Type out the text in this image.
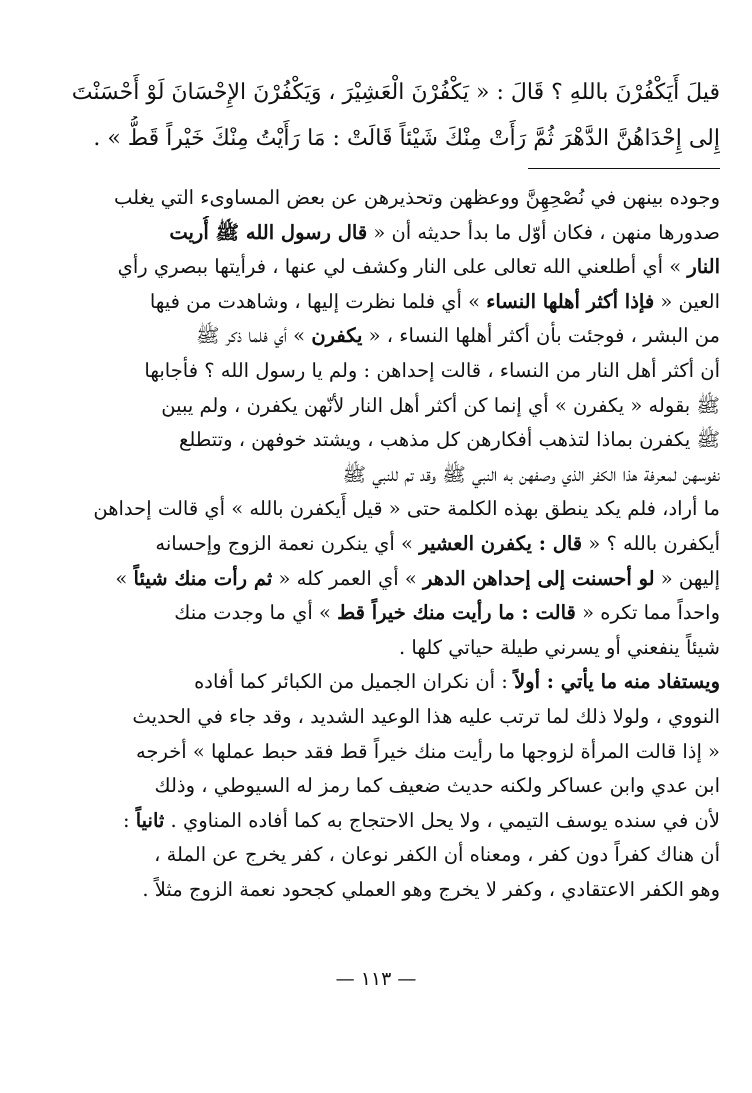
قيلَ أَيَكْفُرْنَ باللهِ ؟ قَالَ : « يَكْفُرْنَ الْعَشِيْرَ ، وَيَكْفُرْنَ الإِحْسَانَ لَوْ أَحْسَنْتَ
إِلى إِحْدَاهُنَّ الدَّهْرَ ثُمَّ رَأَتْ مِنْكَ شَيْئاً قَالَتْ : مَا رَأَيْتُ مِنْكَ خَيْراً قَطُّ » .
وجوده بينهن في نُصْحِهِنَّ ووعظهن وتحذيرهن عن بعض المساوىء التي يغلب
صدورها منهن ، فكان أوّل ما بدأ حديثه أن « قال رسول الله ﷺ أُريت
النار » أي أطلعني الله تعالى على النار وكشف لي عنها ، فرأيتها ببصري رأي
العين « فإذا أكثر أهلها النساء » أي فلما نظرت إليها ، وشاهدت من فيها
من البشر ، فوجئت بأن أكثر أهلها النساء ، « يكفرن » أي فلما ذكر ﷺ
أن أكثر أهل النار من النساء ، قالت إحداهن : ولم يا رسول الله ؟ فأجابها
ﷺ بقوله « يكفرن » أي إنما كن أكثر أهل النار لأنّهن يكفرن ، ولم يبين
ﷺ يكفرن بماذا لتذهب أفكارهن كل مذهب ، ويشتد خوفهن ، وتتطلع
نفوسهن لمعرفة هذا الكفر الذي وصفهن به النبي ﷺ وقد تم للنبي ﷺ
ما أراد، فلم يكد ينطق بهذه الكلمة حتى « قيل أَيكفرن بالله » أي قالت إحداهن
أيكفرن بالله ؟ « قال : يكفرن العشير » أي ينكرن نعمة الزوج وإحسانه
إليهن « لو أحسنت إلى إحداهن الدهر » أي العمر كله « ثم رأت منك شيئاً »
واحداً مما تكره « قالت : ما رأيت منك خيراً قط » أي ما وجدت منك
شيئاً ينفعني أو يسرني طيلة حياتي كلها .
ويستفاد منه ما يأتي : أولاً : أن نكران الجميل من الكبائر كما أفاده
النووي ، ولولا ذلك لما ترتب عليه هذا الوعيد الشديد ، وقد جاء في الحديث
« إذا قالت المرأة لزوجها ما رأيت منك خيراً قط فقد حبط عملها » أخرجه
ابن عدي وابن عساكر ولكنه حديث ضعيف كما رمز له السيوطي ، وذلك
لأن في سنده يوسف التيمي ، ولا يحل الاحتجاج به كما أفاده المناوي . ثانياً :
أن هناك كفراً دون كفر ، ومعناه أن الكفر نوعان ، كفر يخرج عن الملة ،
وهو الكفر الاعتقادي ، وكفر لا يخرج وهو العملي كجحود نعمة الزوج مثلاً .
— ١١٣ —
